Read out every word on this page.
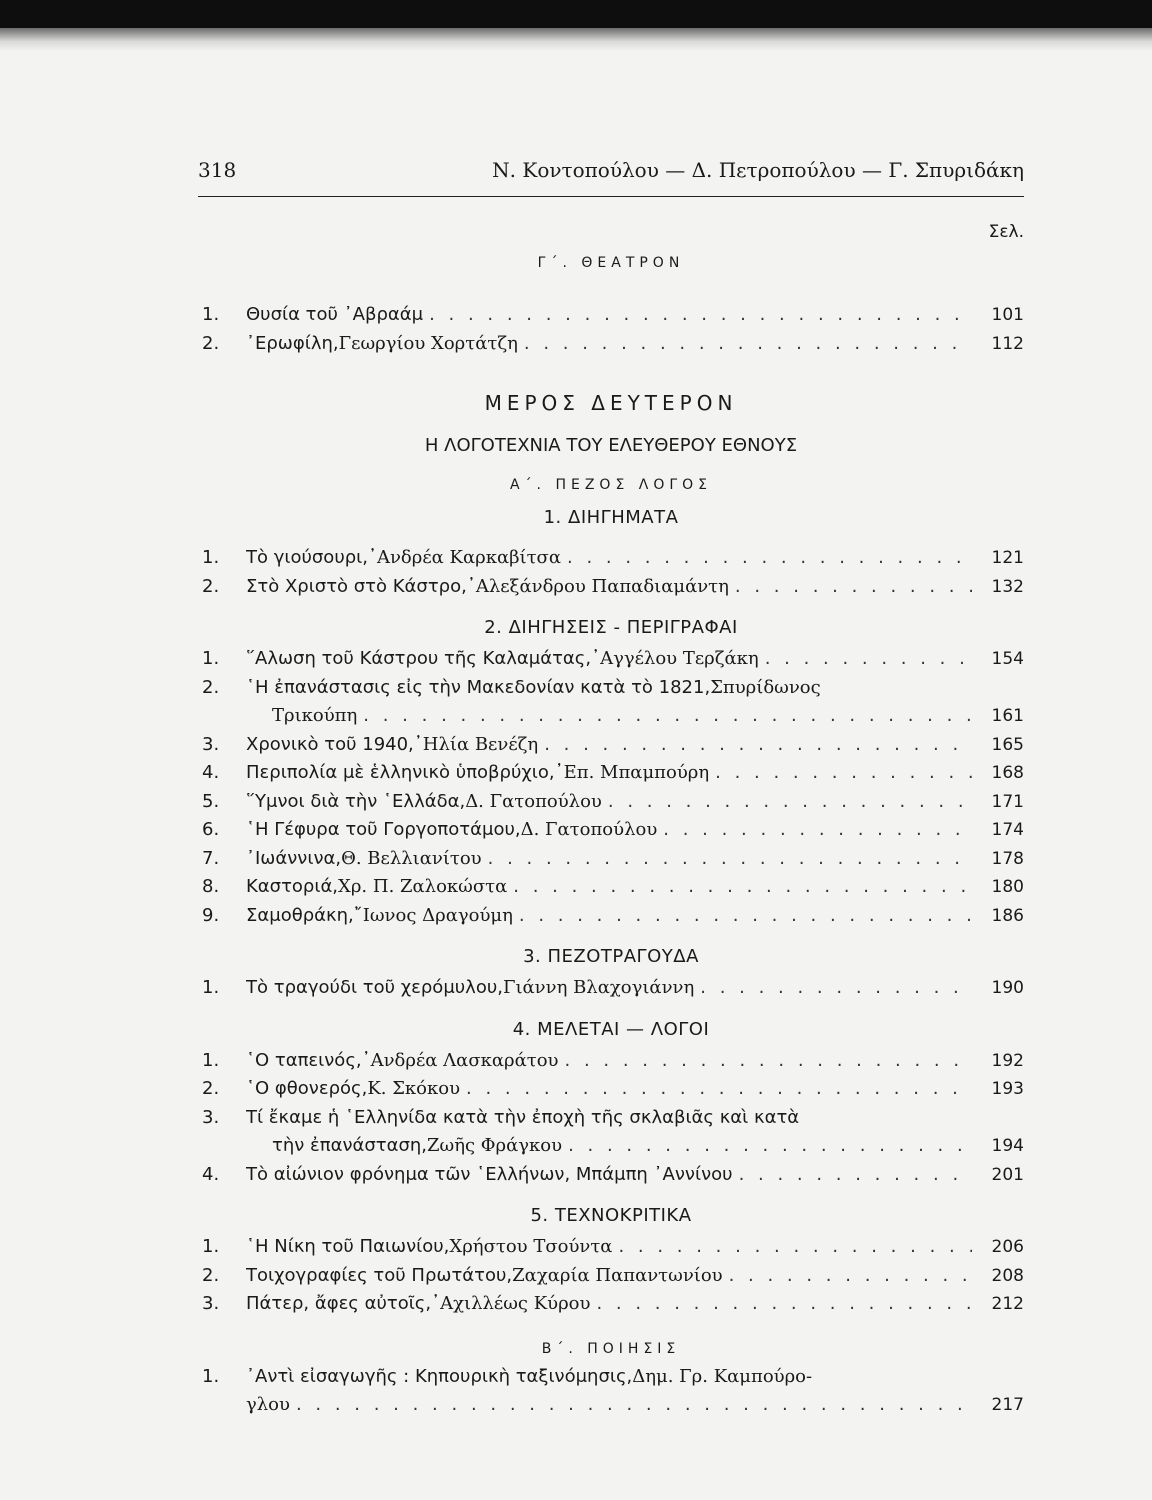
318	Ν. Κοντοπούλου — Δ. Πετροπούλου — Γ. Σπυριδάκη
Σελ.
Γ΄. ΘΕΑΤΡΟΝ
1.	Θυσία τοῦ ᾿Αβραάμ . . .	101
2.	᾿Ερωφίλη, Γεωργίου Χορτάτζη . . .	112
ΜΕΡΟΣ ΔΕΥΤΕΡΟΝ
Η ΛΟΓΟΤΕΧΝΙΑ ΤΟΥ ΕΛΕΥΘΕΡΟΥ ΕΘΝΟΥΣ
Α΄. ΠΕΖΟΣ ΛΟΓΟΣ
1. ΔΙΗΓΗΜΑΤΑ
1.	Τὸ γιούσουρι, ᾿Ανδρέα Καρκαβίτσα . . .	121
2.	Στὸ Χριστὸ στὸ Κάστρο, ᾿Αλεξάνδρου Παπαδιαμάντη . . .	132
2. ΔΙΗΓΗΣΕΙΣ - ΠΕΡΙΓΡΑΦΑΙ
1.	῞Αλωση τοῦ Κάστρου τῆς Καλαμάτας, ᾿Αγγέλου Τερζάκη . . .	154
2.	῾Η ἐπανάστασις εἰς τὴν Μακεδονίαν κατὰ τὸ 1821, Σπυρίδωνος
Τρικούπη . . .	161
3.	Χρονικὸ τοῦ 1940, ᾿Ηλία Βενέζη . . .	165
4.	Περιπολία μὲ ἑλληνικὸ ὑποβρύχιο, ᾿Επ. Μπαμπούρη . . .	168
5.	῞Υμνοι διὰ τὴν ῾Ελλάδα, Δ. Γατοπούλου . . .	171
6.	῾Η Γέφυρα τοῦ Γοργοποτάμου, Δ. Γατοπούλου . . .	174
7.	᾿Ιωάννινα, Θ. Βελλιανίτου . . .	178
8.	Καστοριά, Χρ. Π. Ζαλοκώστα . . .	180
9.	Σαμοθράκη, ῎Ιωνος Δραγούμη . . .	186
3. ΠΕΖΟΤΡΑΓΟΥΔΑ
1.	Τὸ τραγούδι τοῦ χερόμυλου, Γιάννη Βλαχογιάννη . . .	190
4. ΜΕΛΕΤΑΙ — ΛΟΓΟΙ
1.	῾Ο ταπεινός, ᾿Ανδρέα Λασκαράτου . . .	192
2.	῾Ο φθονερός, Κ. Σκόκου . . .	193
3.	Τί ἔκαμε ἡ ῾Ελληνίδα κατὰ τὴν ἐποχὴ τῆς σκλαβιᾶς καὶ κατὰ
τὴν ἐπανάσταση, Ζωῆς Φράγκου . . .	194
4.	Τὸ αἰώνιον φρόνημα τῶν ῾Ελλήνων, Μπάμπη ᾿Αννίνου . . .	201
5. ΤΕΧΝΟΚΡΙΤΙΚΑ
1.	῾Η Νίκη τοῦ Παιωνίου, Χρήστου Τσούντα . . .	206
2.	Τοιχογραφίες τοῦ Πρωτάτου, Ζαχαρία Παπαντωνίου . . .	208
3.	Πάτερ, ἄφες αὐτοῖς, ᾿Αχιλλέως Κύρου . . .	212
Β΄. ΠΟΙΗΣΙΣ
1.	᾿Αντὶ εἰσαγωγῆς : Κηπουρικὴ ταξινόμησις, Δημ. Γρ. Καμπούρο-
γλου . . .	217
